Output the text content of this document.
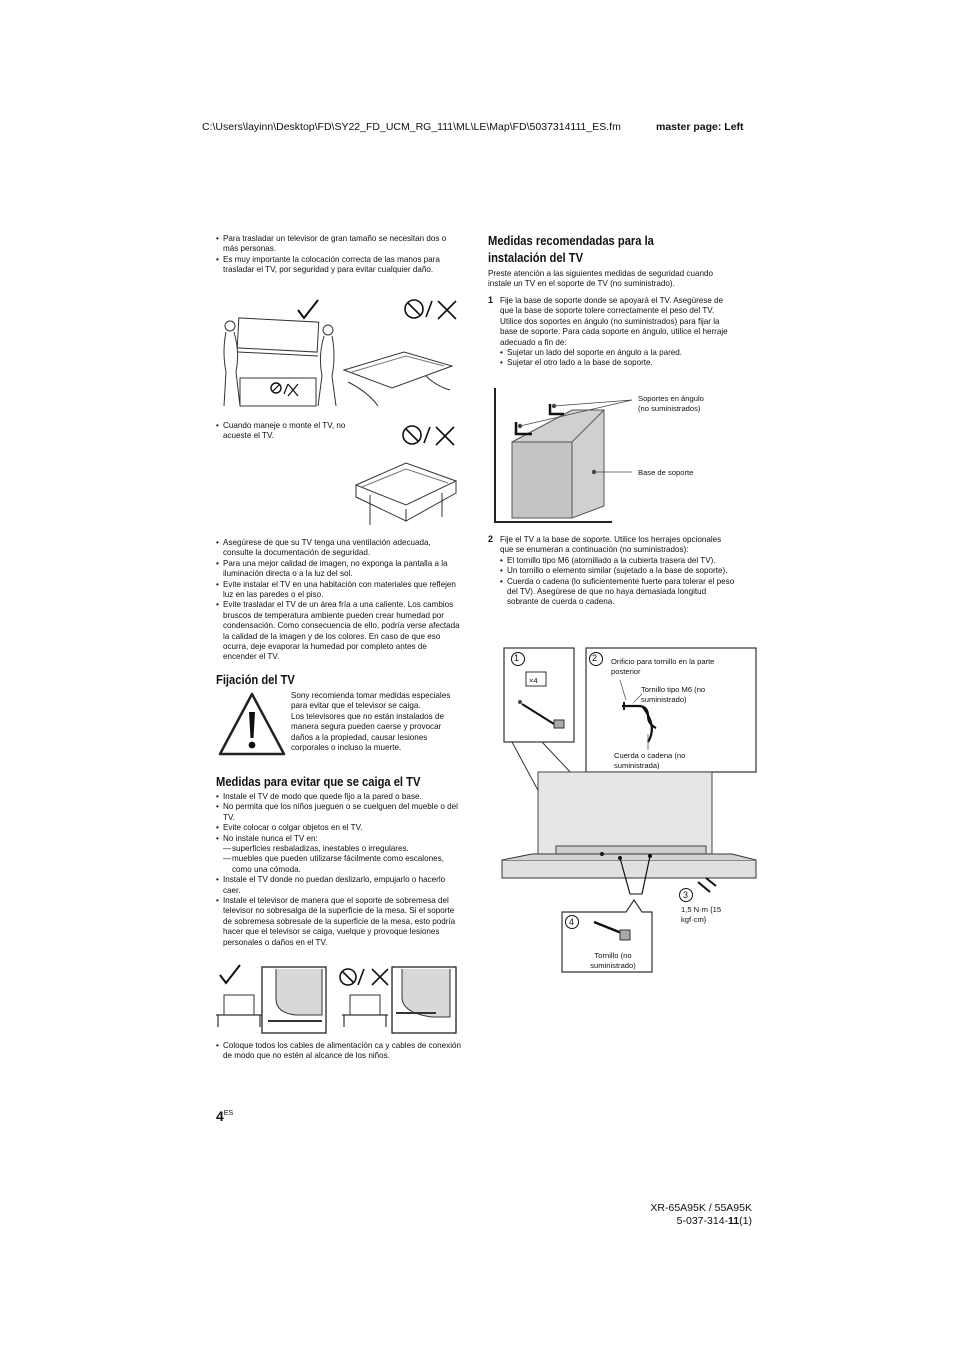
C:\Users\layinn\Desktop\FD\SY22_FD_UCM_RG_111\ML\LE\Map\FD\5037314111_ES.fm	master page: Left
• Para trasladar un televisor de gran tamaño se necesitan dos o más personas.
• Es muy importante la colocación correcta de las manos para trasladar el TV, por seguridad y para evitar cualquier daño.
• Cuando maneje o monte el TV, no acueste el TV.
• Asegúrese de que su TV tenga una ventilación adecuada, consulte la documentación de seguridad.
• Para una mejor calidad de imagen, no exponga la pantalla a la iluminación directa o a la luz del sol.
• Evite instalar el TV en una habitación con materiales que reflejen luz en las paredes o el piso.
• Evite trasladar el TV de un área fría a una caliente. Los cambios bruscos de temperatura ambiente pueden crear humedad por condensación. Como consecuencia de ello, podría verse afectada la calidad de la imagen y de los colores. En caso de que eso ocurra, deje evaporar la humedad por completo antes de encender el TV.
Fijación del TV
Sony recomienda tomar medidas especiales para evitar que el televisor se caiga.
Los televisores que no están instalados de manera segura pueden caerse y provocar daños a la propiedad, causar lesiones corporales o incluso la muerte.
Medidas para evitar que se caiga el TV
• Instale el TV de modo que quede fijo a la pared o base.
• No permita que los niños jueguen o se cuelguen del mueble o del TV.
• Evite colocar o colgar objetos en el TV.
• No instale nunca el TV en:
— superficies resbaladizas, inestables o irregulares.
— muebles que pueden utilizarse fácilmente como escalones, como una cómoda.
• Instale el TV donde no puedan deslizarlo, empujarlo o hacerlo caer.
• Instale el televisor de manera que el soporte de sobremesa del televisor no sobresalga de la superficie de la mesa. Si el soporte de sobremesa sobresale de la superficie de la mesa, esto podría hacer que el televisor se caiga, vuelque y provoque lesiones personales o daños en el TV.
• Coloque todos los cables de alimentación ca y cables de conexión de modo que no estén al alcance de los niños.
Medidas recomendadas para la instalación del TV
Preste atención a las siguientes medidas de seguridad cuando instale un TV en el soporte de TV (no suministrado).
1 Fije la base de soporte donde se apoyará el TV. Asegúrese de que la base de soporte tolere correctamente el peso del TV. Utilice dos soportes en ángulo (no suministrados) para fijar la base de soporte. Para cada soporte en ángulo, utilice el herraje adecuado a fin de:
• Sujetar un lado del soporte en ángulo a la pared.
• Sujetar el otro lado a la base de soporte.
Soportes en ángulo (no suministrados)
Base de soporte
2 Fije el TV a la base de soporte. Utilice los herrajes opcionales que se enumeran a continuación (no suministrados):
• El tornillo tipo M6 (atornillado a la cubierta trasera del TV).
• Un tornillo o elemento similar (sujetado a la base de soporte).
• Cuerda o cadena (lo suficientemente fuerte para tolerar el peso del TV). Asegúrese de que no haya demasiada longitud sobrante de cuerda o cadena.
1	2
3
4
×4
Orificio para tornillo en la parte posterior
Tornillo tipo M6 (no suministrado)
Cuerda o cadena (no suministrada)
1,5 N·m {15 kgf·cm}
Tornillo (no suministrado)
$4^{ES}$
XR-65A95K / 55A95K
5-037-314-11(1)
